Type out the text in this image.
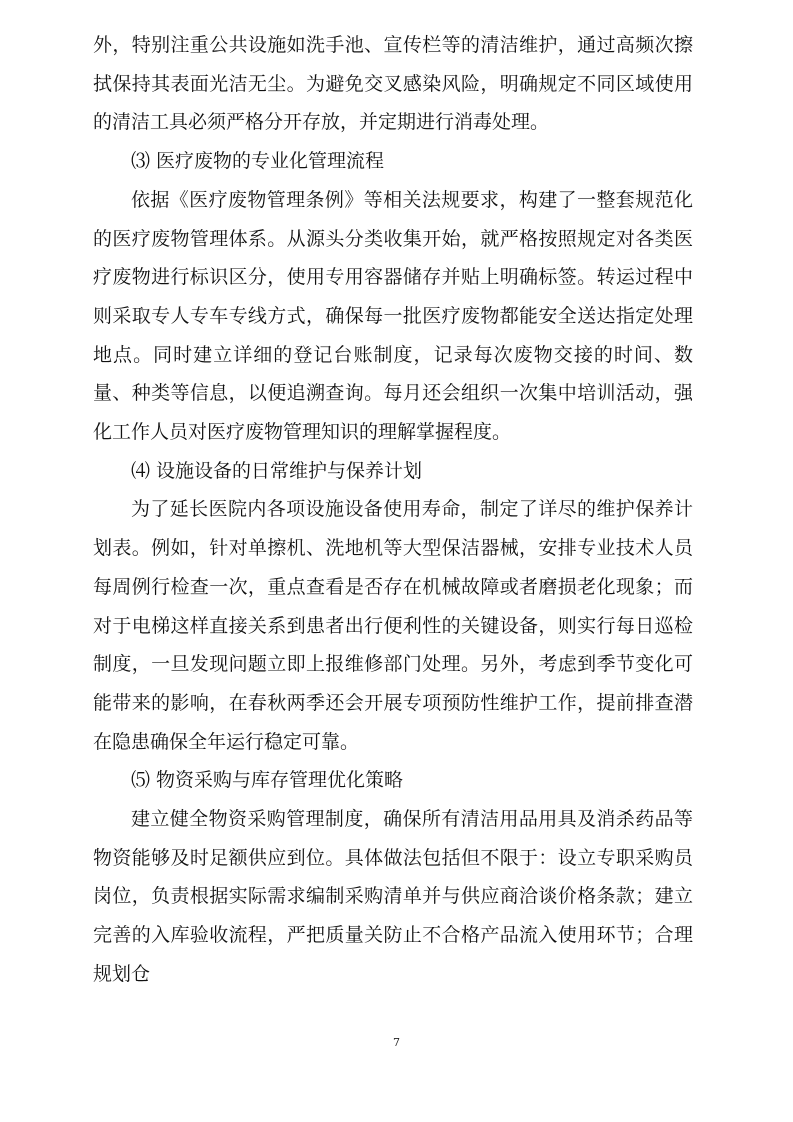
外，特别注重公共设施如洗手池、宣传栏等的清洁维护，通过高频次擦拭保持其表面光洁无尘。为避免交叉感染风险，明确规定不同区域使用的清洁工具必须严格分开存放，并定期进行消毒处理。

⑶ 医疗废物的专业化管理流程

依据《医疗废物管理条例》等相关法规要求，构建了一整套规范化的医疗废物管理体系。从源头分类收集开始，就严格按照规定对各类医疗废物进行标识区分，使用专用容器储存并贴上明确标签。转运过程中则采取专人专车专线方式，确保每一批医疗废物都能安全送达指定处理地点。同时建立详细的登记台账制度，记录每次废物交接的时间、数量、种类等信息，以便追溯查询。每月还会组织一次集中培训活动，强化工作人员对医疗废物管理知识的理解掌握程度。

⑷ 设施设备的日常维护与保养计划

为了延长医院内各项设施设备使用寿命，制定了详尽的维护保养计划表。例如，针对单擦机、洗地机等大型保洁器械，安排专业技术人员每周例行检查一次，重点查看是否存在机械故障或者磨损老化现象；而对于电梯这样直接关系到患者出行便利性的关键设备，则实行每日巡检制度，一旦发现问题立即上报维修部门处理。另外，考虑到季节变化可能带来的影响，在春秋两季还会开展专项预防性维护工作，提前排查潜在隐患确保全年运行稳定可靠。

⑸ 物资采购与库存管理优化策略

建立健全物资采购管理制度，确保所有清洁用品用具及消杀药品等物资能够及时足额供应到位。具体做法包括但不限于：设立专职采购员岗位，负责根据实际需求编制采购清单并与供应商洽谈价格条款；建立完善的入库验收流程，严把质量关防止不合格产品流入使用环节；合理规划仓

7
